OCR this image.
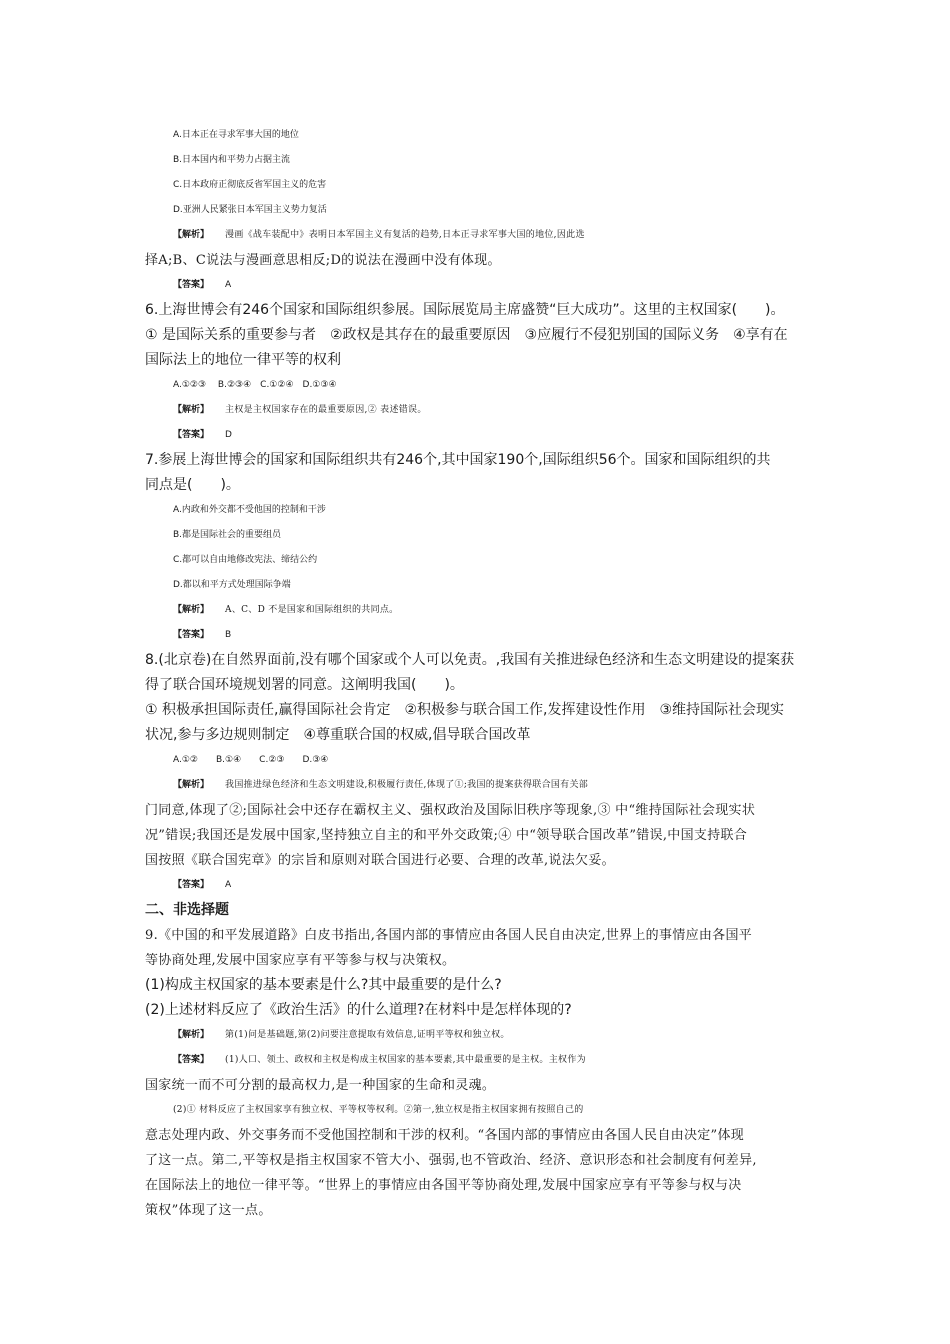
A.日本正在寻求军事大国的地位
B.日本国内和平势力占据主流
C.日本政府正彻底反省军国主义的危害
D.亚洲人民紧张日本军国主义势力复活
【解析】 漫画《战车装配中》表明日本军国主义有复活的趋势,日本正寻求军事大国的地位,因此选
择A;B、C说法与漫画意思相反;D的说法在漫画中没有体现。
【答案】 A
6.上海世博会有246个国家和国际组织参展。国际展览局主席盛赞“巨大成功”。这里的主权国家(　　)。
① 是国际关系的重要参与者　②政权是其存在的最重要原因　③应履行不侵犯别国的国际义务　④享有在
国际法上的地位一律平等的权利
A.①②③　 B.②③④　C.①②④　D.①③④
【解析】 主权是主权国家存在的最重要原因,② 表述错误。
【答案】 D
7.参展上海世博会的国家和国际组织共有246个,其中国家190个,国际组织56个。国家和国际组织的共
同点是(　　)。
A.内政和外交都不受他国的控制和干涉
B.都是国际社会的重要组员
C.都可以自由地修改宪法、缔结公约
D.都以和平方式处理国际争端
【解析】 A、C、D 不是国家和国际组织的共同点。
【答案】 B
8.(北京卷)在自然界面前,没有哪个国家或个人可以免责。,我国有关推进绿色经济和生态文明建设的提案获
得了联合国环境规划署的同意。这阐明我国(　　)。
① 积极承担国际责任,赢得国际社会肯定　②积极参与联合国工作,发挥建设性作用　③维持国际社会现实
状况,参与多边规则制定　④尊重联合国的权威,倡导联合国改革
A.①②　　B.①④　　C.②③　　D.③④
【解析】 我国推进绿色经济和生态文明建设,积极履行责任,体现了①;我国的提案获得联合国有关部
门同意,体现了②;国际社会中还存在霸权主义、强权政治及国际旧秩序等现象,③ 中“维持国际社会现实状
况”错误;我国还是发展中国家,坚持独立自主的和平外交政策;④ 中“领导联合国改革”错误,中国支持联合
国按照《联合国宪章》的宗旨和原则对联合国进行必要、合理的改革,说法欠妥。
【答案】 A
二、非选择题
9.《中国的和平发展道路》白皮书指出,各国内部的事情应由各国人民自由决定,世界上的事情应由各国平
等协商处理,发展中国家应享有平等参与权与决策权。
(1)构成主权国家的基本要素是什么?其中最重要的是什么?
(2)上述材料反应了《政治生活》的什么道理?在材料中是怎样体现的?
【解析】 第(1)问是基础题,第(2)问要注意提取有效信息,证明平等权和独立权。
【答案】 (1)人口、领土、政权和主权是构成主权国家的基本要素,其中最重要的是主权。主权作为
国家统一而不可分割的最高权力,是一种国家的生命和灵魂。
(2)① 材料反应了主权国家享有独立权、平等权等权利。②第一,独立权是指主权国家拥有按照自己的
意志处理内政、外交事务而不受他国控制和干涉的权利。“各国内部的事情应由各国人民自由决定”体现
了这一点。第二,平等权是指主权国家不管大小、强弱,也不管政治、经济、意识形态和社会制度有何差异,
在国际法上的地位一律平等。“世界上的事情应由各国平等协商处理,发展中国家应享有平等参与权与决
策权”体现了这一点。
